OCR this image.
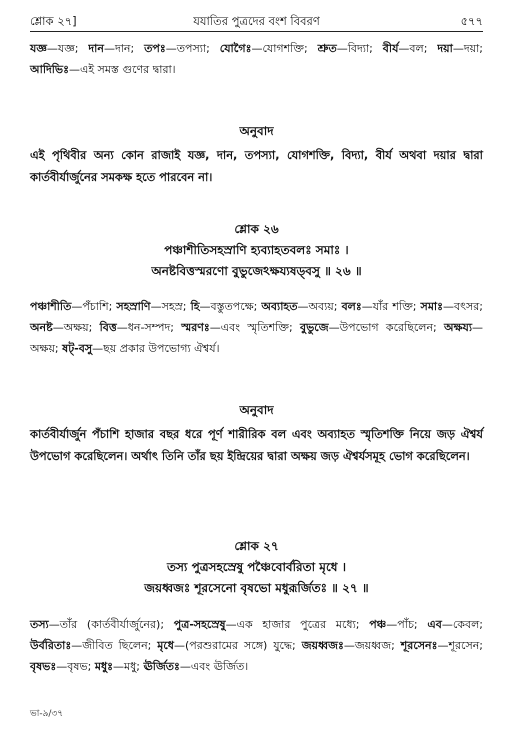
শ্লোক ২৭]	যযাতির পুত্রদের বংশ বিবরণ	৫৭৭

যজ্ঞ—যজ্ঞ; দান—দান; তপঃ—তপস্যা; যোগৈঃ—যোগশক্তি; শ্রুত—বিদ্যা; বীর্য—বল; দয়া—দয়া; আদিভিঃ—এই সমস্ত গুণের দ্বারা।

অনুবাদ

এই পৃথিবীর অন্য কোন রাজাই যজ্ঞ, দান, তপস্যা, যোগশক্তি, বিদ্যা, বীর্য অথবা দয়ার দ্বারা কার্তবীর্যার্জুনের সমকক্ষ হতে পারবেন না।

শ্লোক ২৬
পঞ্চাশীতিসহস্রাণি হ্যব্যাহতবলঃ সমাঃ ।
অনষ্টবিত্তস্মরণো বুভুজেঽক্ষয্যষড্‌বসু ॥ ২৬ ॥

পঞ্চাশীতি—পঁচাশি; সহস্রাণি—সহস্র; হি—বস্তুতপক্ষে; অব্যাহত—অব্যয়; বলঃ—যাঁর শক্তি; সমাঃ—বৎসর; অনষ্ট—অক্ষয়; বিত্ত—ধন-সম্পদ; স্মরণঃ—এবং স্মৃতিশক্তি; বুভুজে—উপভোগ করেছিলেন; অক্ষয্য—অক্ষয়; ষট্-বসু—ছয় প্রকার উপভোগ্য ঐশ্বর্য।

অনুবাদ

কার্তবীর্যার্জুন পঁচাশি হাজার বছর ধরে পূর্ণ শারীরিক বল এবং অব্যাহত স্মৃতিশক্তি নিয়ে জড় ঐশ্বর্য উপভোগ করেছিলেন। অর্থাৎ তিনি তাঁর ছয় ইন্দ্রিয়ের দ্বারা অক্ষয় জড় ঐশ্বর্যসমূহ ভোগ করেছিলেন।

শ্লোক ২৭
তস্য পুত্রসহস্রেষু পঞ্চৈবোর্বরিতা মৃধে ।
জয়ধ্বজঃ শূরসেনো বৃষভো মধুরূর্জিতঃ ॥ ২৭ ॥

তস্য—তাঁর (কার্তবীর্যার্জুনের); পুত্র-সহস্রেষু—এক হাজার পুত্রের মধ্যে; পঞ্চ—পাঁচ; এব—কেবল; উর্বরিতাঃ—জীবিত ছিলেন; মৃধে—(পরশুরামের সঙ্গে) যুদ্ধে; জয়ধ্বজঃ—জয়ধ্বজ; শূরসেনঃ—শূরসেন; বৃষভঃ—বৃষভ; মধুঃ—মধু; ঊর্জিতঃ—এবং ঊর্জিত।

ভা-৯/৩৭
